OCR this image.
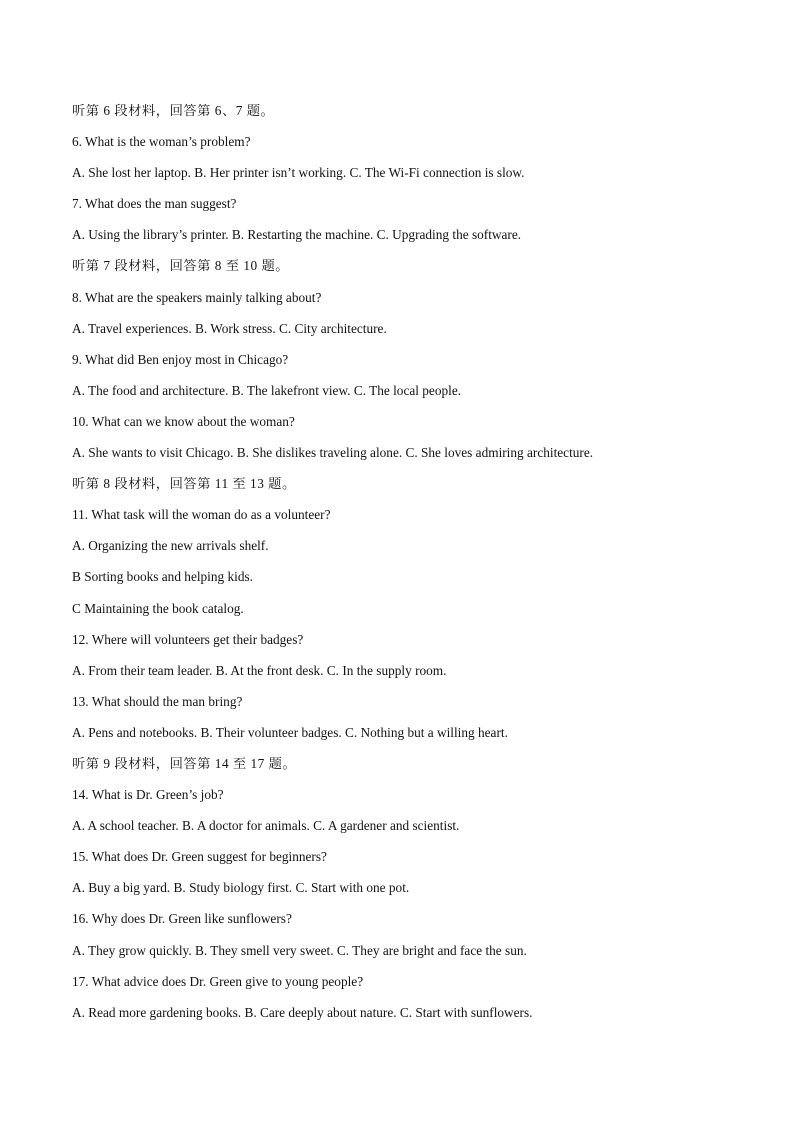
听第 6 段材料，回答第 6、7 题。
6. What is the woman’s problem?
A. She lost her laptop. B. Her printer isn’t working. C. The Wi-Fi connection is slow.
7. What does the man suggest?
A. Using the library’s printer. B. Restarting the machine. C. Upgrading the software.
听第 7 段材料，回答第 8 至 10 题。
8. What are the speakers mainly talking about?
A. Travel experiences. B. Work stress. C. City architecture.
9. What did Ben enjoy most in Chicago?
A. The food and architecture. B. The lakefront view. C. The local people.
10. What can we know about the woman?
A. She wants to visit Chicago. B. She dislikes traveling alone. C. She loves admiring architecture.
听第 8 段材料，回答第 11 至 13 题。
11. What task will the woman do as a volunteer?
A. Organizing the new arrivals shelf.
B Sorting books and helping kids.
C Maintaining the book catalog.
12. Where will volunteers get their badges?
A. From their team leader. B. At the front desk. C. In the supply room.
13. What should the man bring?
A. Pens and notebooks. B. Their volunteer badges. C. Nothing but a willing heart.
听第 9 段材料，回答第 14 至 17 题。
14. What is Dr. Green’s job?
A. A school teacher. B. A doctor for animals. C. A gardener and scientist.
15. What does Dr. Green suggest for beginners?
A. Buy a big yard. B. Study biology first. C. Start with one pot.
16. Why does Dr. Green like sunflowers?
A. They grow quickly. B. They smell very sweet. C. They are bright and face the sun.
17. What advice does Dr. Green give to young people?
A. Read more gardening books. B. Care deeply about nature. C. Start with sunflowers.
